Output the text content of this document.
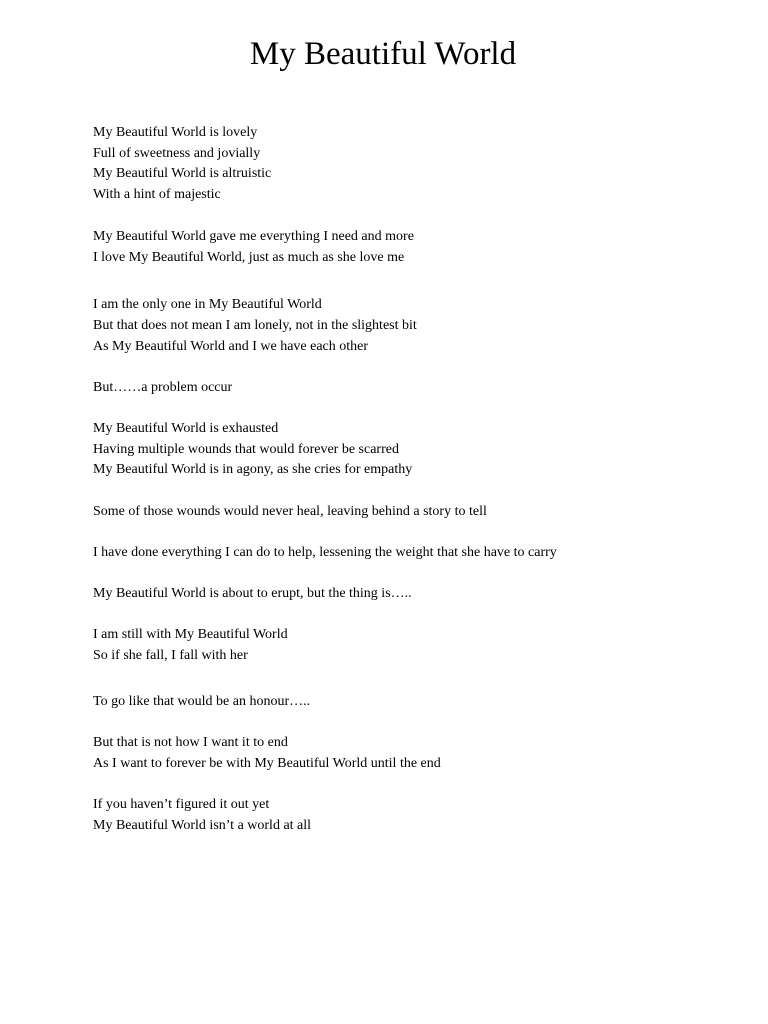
My Beautiful World

My Beautiful World is lovely

Full of sweetness and jovially

My Beautiful World is altruistic

With a hint of majestic

My Beautiful World gave me everything I need and more

I love My Beautiful World, just as much as she love me

I am the only one in My Beautiful World

But that does not mean I am lonely, not in the slightest bit

As My Beautiful World and I we have each other

But……a problem occur

My Beautiful World is exhausted

Having multiple wounds that would forever be scarred

My Beautiful World is in agony, as she cries for empathy

Some of those wounds would never heal, leaving behind a story to tell

I have done everything I can do to help, lessening the weight that she have to carry

My Beautiful World is about to erupt, but the thing is…..

I am still with My Beautiful World

So if she fall, I fall with her

To go like that would be an honour…..

But that is not how I want it to end

As I want to forever be with My Beautiful World until the end

If you haven’t figured it out yet

My Beautiful World isn’t a world at all
